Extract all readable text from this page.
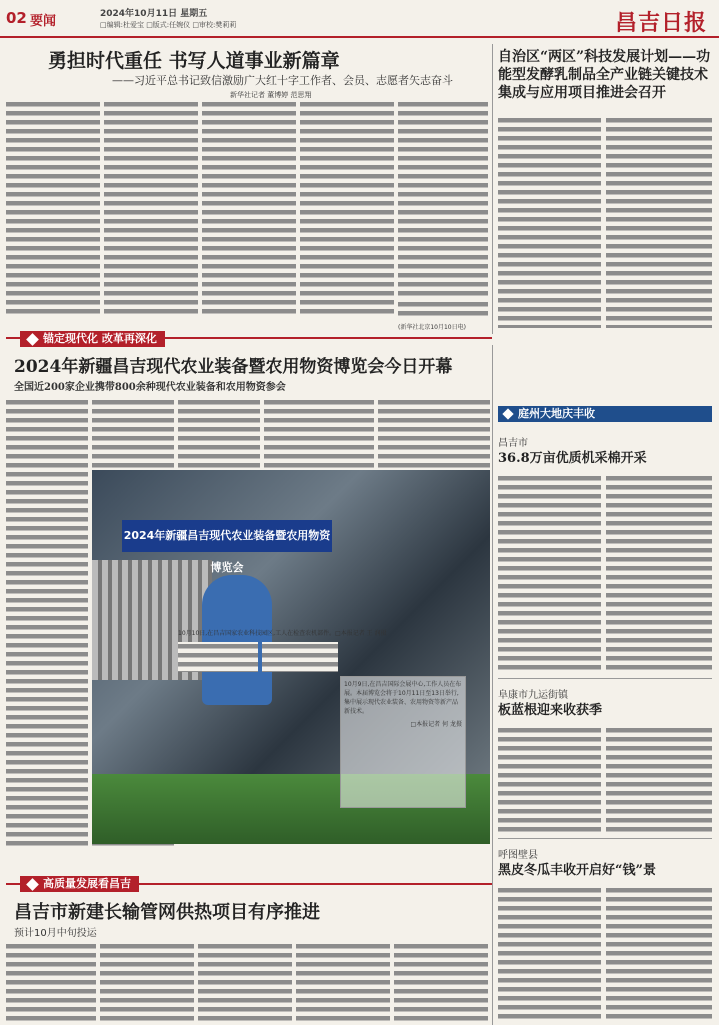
02 要闻	2024年10月11日 星期五
□编辑:杜爱宝 □版式:任婉仪 □审校:樊莉莉	昌吉日报
勇担时代重任 书写人道事业新篇章
——习近平总书记致信激励广大红十字工作者、会员、志愿者矢志奋斗
新华社记者 董博婷 范思翔
自治区“两区”科技发展计划——功能型发酵乳制品全产业链关键技术集成与应用项目推进会召开
(新华社北京10月10日电)
锚定现代化 改革再深化
2024年新疆昌吉现代农业装备暨农用物资博览会今日开幕
全国近200家企业携带800余种现代农业装备和农用物资参会
2024年新疆昌吉现代农业装备暨农用物资博览会
10月9日,在昌吉国际会展中心,工作人员在布展。本届博览会将于10月11日至13日举行,集中展示现代农业装备、农用物资等新产品新技术。
□本报记者 何 龙摄
10月10日,在昌吉国家农业科技园区,工人在检查农机部件。□本报记者 王 润摄
庭州大地庆丰收
昌吉市
36.8万亩优质机采棉开采
阜康市九运街镇
板蓝根迎来收获季
呼图壁县
黑皮冬瓜丰收开启好“钱”景
高质量发展看昌吉
昌吉市新建长输管网供热项目有序推进
预计10月中旬投运
